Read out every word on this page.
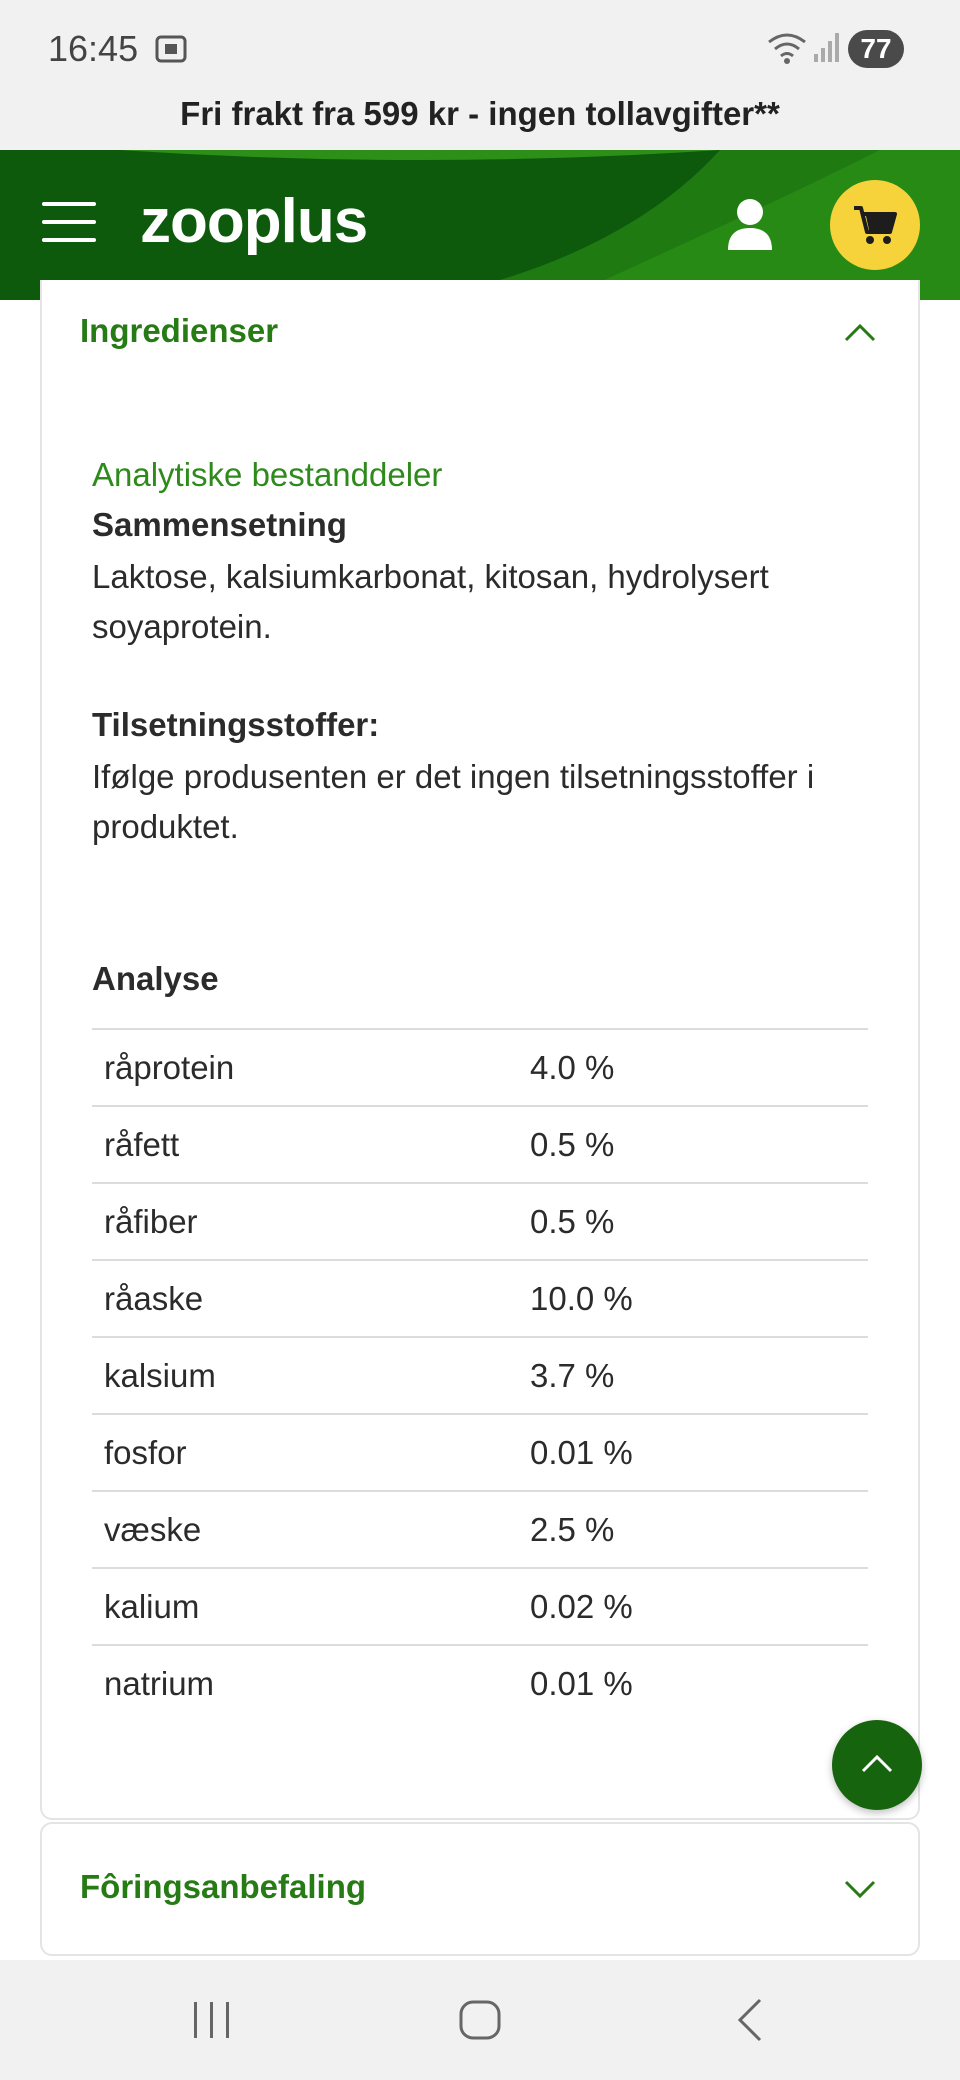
16:45	77
Fri frakt fra 599 kr - ingen tollavgifter**
zooplus
Ingredienser
Analytiske bestanddeler
Sammensetning
Laktose, kalsiumkarbonat, kitosan, hydrolysert soyaprotein.
Tilsetningsstoffer:
Ifølge produsenten er det ingen tilsetningsstoffer i produktet.
Analyse
råprotein	4.0 %
råfett	0.5 %
råfiber	0.5 %
råaske	10.0 %
kalsium	3.7 %
fosfor	0.01 %
væske	2.5 %
kalium	0.02 %
natrium	0.01 %
Fôringsanbefaling
